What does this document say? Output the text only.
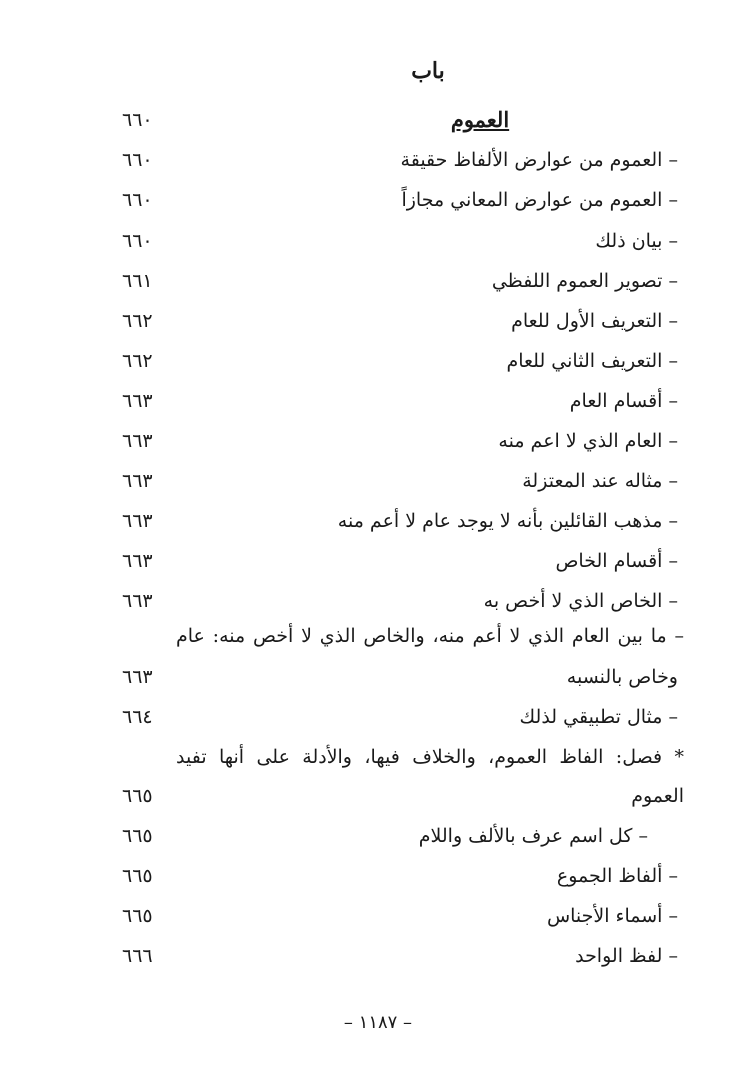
باب
العموم
٦٦٠
– العموم من عوارض الألفاظ حقيقة
٦٦٠
– العموم من عوارض المعاني مجازاً
٦٦٠
– بيان ذلك
٦٦٠
– تصوير العموم اللفظي
٦٦١
– التعريف الأول للعام
٦٦٢
– التعريف الثاني للعام
٦٦٢
– أقسام العام
٦٦٣
– العام الذي لا اعم منه
٦٦٣
– مثاله عند المعتزلة
٦٦٣
– مذهب القائلين بأنه لا يوجد عام لا أعم منه
٦٦٣
– أقسام الخاص
٦٦٣
– الخاص الذي لا أخص به
٦٦٣
– ما بين العام الذي لا أعم منه، والخاص الذي لا أخص منه: عام
وخاص بالنسبه
٦٦٣
– مثال تطبيقي لذلك
٦٦٤
* فصل: الفاظ العموم، والخلاف فيها، والأدلة على أنها تفيد
العموم
٦٦٥
– كل اسم عرف بالألف واللام
٦٦٥
– ألفاظ الجموع
٦٦٥
– أسماء الأجناس
٦٦٥
– لفظ الواحد
٦٦٦
– ١١٨٧ –
